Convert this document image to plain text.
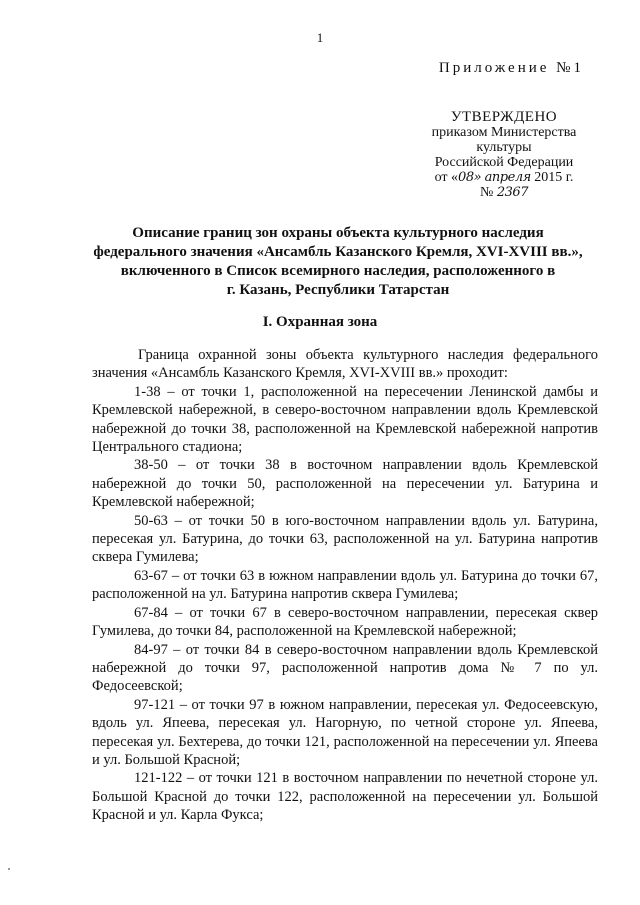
1
Приложение №1
УТВЕРЖДЕНО
приказом Министерства культуры
Российской Федерации
от «08» апреля 2015 г.
№ 2367
Описание границ зон охраны объекта культурного наследия
федерального значения «Ансамбль Казанского Кремля, XVI-XVIII вв.»,
включенного в Список всемирного наследия, расположенного в
г. Казань, Республики Татарстан
I. Охранная зона

Граница охранной зоны объекта культурного наследия федерального значения «Ансамбль Казанского Кремля, XVI-XVIII вв.» проходит:

1-38 – от точки 1, расположенной на пересечении Ленинской дамбы и Кремлевской набережной, в северо-восточном направлении вдоль Кремлевской набережной до точки 38, расположенной на Кремлевской набережной напротив Центрального стадиона;

38-50 – от точки 38 в восточном направлении вдоль Кремлевской набережной до точки 50, расположенной на пересечении ул. Батурина и Кремлевской набережной;

50-63 – от точки 50 в юго-восточном направлении вдоль ул. Батурина, пересекая ул. Батурина, до точки 63, расположенной на ул. Батурина напротив сквера Гумилева;

63-67 – от точки 63 в южном направлении вдоль ул. Батурина до точки 67, расположенной на ул. Батурина напротив сквера Гумилева;

67-84 – от точки 67 в северо-восточном направлении, пересекая сквер Гумилева, до точки 84, расположенной на Кремлевской набережной;

84-97 – от точки 84 в северо-восточном направлении вдоль Кремлевской набережной до точки 97, расположенной напротив дома № 7 по ул. Федосеевской;

97-121 – от точки 97 в южном направлении, пересекая ул. Федосеевскую, вдоль ул. Япеева, пересекая ул. Нагорную, по четной стороне ул. Япеева, пересекая ул. Бехтерева, до точки 121, расположенной на пересечении ул. Япеева и ул. Большой Красной;

121-122 – от точки 121 в восточном направлении по нечетной стороне ул. Большой Красной до точки 122, расположенной на пересечении ул. Большой Красной и ул. Карла Фукса;
